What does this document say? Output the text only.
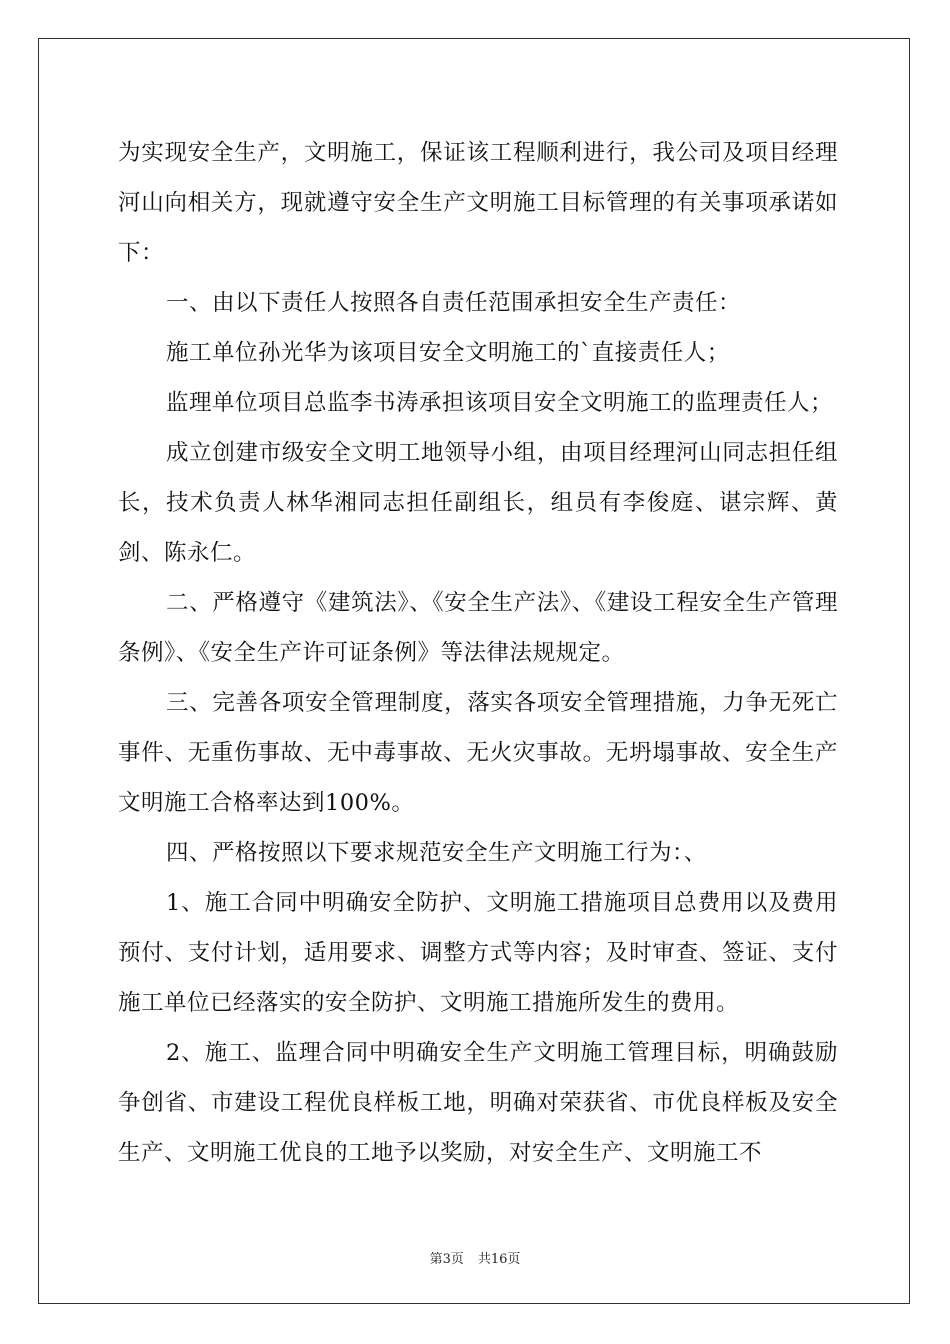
为实现安全生产，文明施工，保证该工程顺利进行，我公司及项目经理河山向相关方，现就遵守安全生产文明施工目标管理的有关事项承诺如下：

一、由以下责任人按照各自责任范围承担安全生产责任：

施工单位孙光华为该项目安全文明施工的`直接责任人；

监理单位项目总监李书涛承担该项目安全文明施工的监理责任人；

成立创建市级安全文明工地领导小组，由项目经理河山同志担任组长，技术负责人林华湘同志担任副组长，组员有李俊庭、谌宗辉、黄剑、陈永仁。

二、严格遵守《建筑法》、《安全生产法》、《建设工程安全生产管理条例》、《安全生产许可证条例》等法律法规规定。

三、完善各项安全管理制度，落实各项安全管理措施，力争无死亡事件、无重伤事故、无中毒事故、无火灾事故。无坍塌事故、安全生产文明施工合格率达到100%。

四、严格按照以下要求规范安全生产文明施工行为：、

1、施工合同中明确安全防护、文明施工措施项目总费用以及费用预付、支付计划，适用要求、调整方式等内容；及时审查、签证、支付施工单位已经落实的安全防护、文明施工措施所发生的费用。

2、施工、监理合同中明确安全生产文明施工管理目标，明确鼓励争创省、市建设工程优良样板工地，明确对荣获省、市优良样板及安全生产、文明施工优良的工地予以奖励，对安全生产、文明施工不

第3页 共16页
